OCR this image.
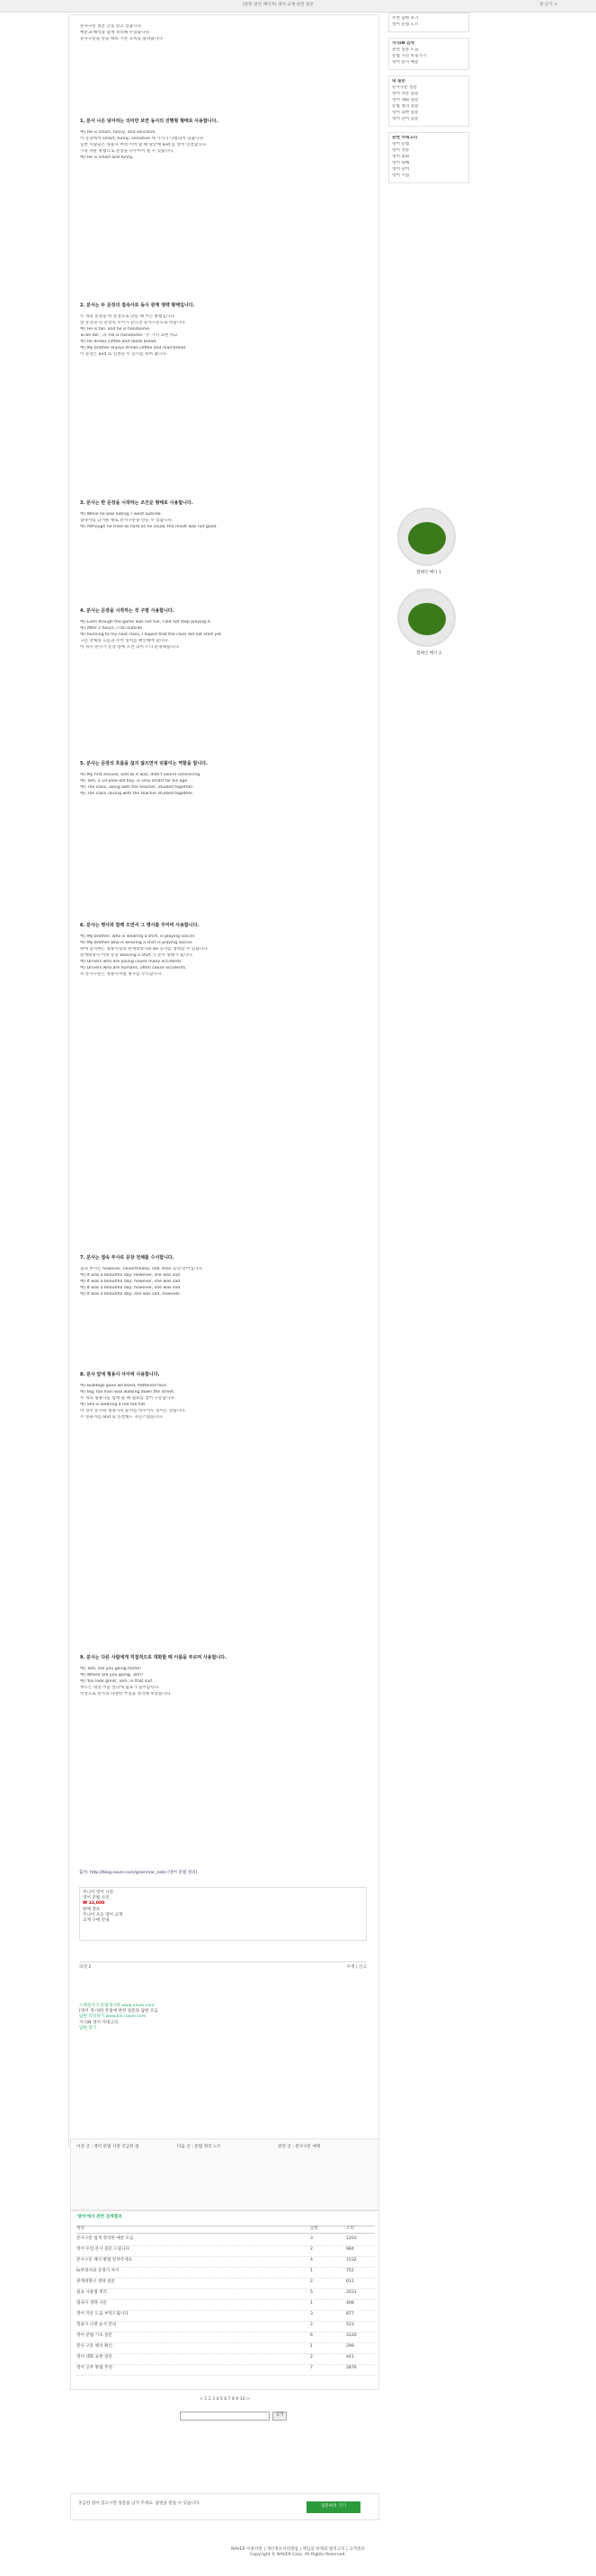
(앞쪽 잘린 페이지) 영어 교재 관련 질문	창 닫기 ×
분사구문 질문 글을 읽고 있습니다.
예문과 해석을 함께 정리해 두었습니다.
분사구문을 만들 때의 기본 규칙을 살펴봅니다.
1. 분사 나온 덩어리는 의미만 보면 동사의 진행형 형태로 사용합니다.
예) He is smart, funny, and sensitive.
이 문장에서 smart, funny, sensitive 세 가지가 나열되어 있습니다.
일반 사람들은 형용사 여럿 이어 쓸 때 말끝에 and 를 넣어 연결합니다.
가장 쉬운 방법으로 문장을 나누어서 볼 수 있습니다.
예) He is smart and funny.
2. 분사는 두 문장의 접속사로 동사 관계 생략 형태입니다.
두 개의 문장을 한 문장으로 만들 때 쓰는 방법입니다.
앞 문장과 뒤 문장의 주어가 같으면 분사구문으로 바꿉니다.
예) He is tall, and he is handsome.
To be tall , 과 'He is handsome.' 두 가지 표현 비교
예) He drinks coffee and reads bread.
예) My brother enjoys drinks coffee and read bread.
이 문장은 and 로 연결된 두 동사를 보여 줍니다.
3. 분사는 한 문장을 시작하는 조건문 형태로 사용합니다.
예) While he was eating, I went outside.
접속사를 남겨둔 채로 분사구문을 만들 수 있습니다.
예) Although he tried as hard as he could, the result was not good.
4. 분사는 문장을 시작하는 것 구별 사용합니다.
예) Even though the game was not fun, I did not stop playing it.
예) After 2 hours, I ran outside.
예) Running to my next class, I hoped that the class did not start yet.
구문 전체의 흐름과 주어 일치를 확인해야 합니다.
이 경우 분사가 문장 앞에 오면 의미가 더 분명해집니다.
5. 분사는 문장의 흐름을 끊지 않으면서 덧붙이는 역할을 합니다.
예) My first excuse, odd as it was, didn't sound convincing.
예) Tom, a 10-year-old boy, is very smart for his age.
예) The class, along with the teacher, studied together.
예) The class raising with the teacher studied together.
6. 분사는 명사와 함께 오면서 그 명사를 꾸미며 사용합니다.
예) My brother, who is wearing a shirt, is playing soccer.
예) My brother who is wearing a shirt is playing soccer.
위에 일치하는 형용사절의 관계대명사와 be 동사를 생략할 수 있습니다.
관계대명사 이하 문장 wearing a shirt 가 분사 형태가 됩니다.
예) Drivers who are young cause many accidents.
예) Drivers who are humans, often cause accidents.
즉 분사구문은 형용사처럼 명사를 수식합니다.
7. 분사는 접속 부사로 문장 전체를 수식합니다.
접속 부사는 however, nevertheless, still, then 등의 단어입니다.
예) It was a beautiful day. However, she was sad.
예) It was a beautiful day; however, she was sad.
예) It was a beautiful day, however, she was sad.
예) It was a beautiful day; she was sad, however.
8. 분사 앞에 형용사 사이에 사용합니다.
예) Bulldogs gave wrinkled, flattened face.
예) Big, tall man was walking down the street.
두 개의 형용사를 함께 쓸 때 쉼표를 넣어 구분합니다.
예) She is wearing a red tall hat.
이 경우 분사와 형용사의 순서를 바꾸어도 의미는 같습니다.
두 형용사를 and 로 연결해도 자연스럽습니다.
9. 분사는 다른 사람에게 직접적으로 대화할 때 이름을 부르며 사용합니다.
예) Tom, are you going home?
예) Where are you going, Tom?
예) You look great, Tom, in that suit.
부르는 대상 이름 앞뒤에 쉼표가 들어갑니다.
이상으로 분사의 다양한 쓰임을 정리해 보았습니다.
출처: http://blog.naver.com/grammar_note (영어 문법 정리)
주니어 영어 사전
영어 문법 사전
₩ 12,000
판매 정보
주니어 초등 영어 교재
교재 구매 안내
의견 2	수정 | 신고
스페셜지식 문법게시판 www.naver.com
[영어 게시판] 문법에 관한 질문과 답변 모음
답변 작성하기 www.kin.naver.com
지식iN 영어 카테고리
답변 달기
이전 글 : 영어 문법 사전 궁금한 점	다음 글 : 문법 정리 노트	관련 글 : 분사구문 예제
'영어'에서 관련 검색결과
제목	답변	조회
분사구문 쉽게 정리한 예문 모음	3	1203
영어 수업 분사 질문 드립니다	2	984
분사구문 해석 방법 알려주세요	4	1532
to부정사와 동명사 차이	1	752
관계대명사 생략 질문	2	611
쉼표 사용법 정리	5	2031
접속사 생략 구문	1	408
영어 작문 도움 부탁드립니다	3	877
형용사 나열 순서 문의	2	523
영어 문법 기초 질문	6	3120
분사 구문 해석 확인	1	299
영어 대화 표현 질문	2	441
영어 공부 방법 추천	7	2876
< 1 2 3 4 5 6 7 8 9 10 >
검색
궁금한 점이 있으시면 질문을 남겨 주세요. 답변을 받을 수 있습니다.
질문하러 가기
NAVER 이용약관 | 개인정보처리방침 | 책임의 한계와 법적고지 | 고객센터
Copyright © NAVER Corp. All Rights Reserved.
추천 답변 보기
영어 문법 노트
지식iN 검색
관련 질문 모음
문법 사전 바로가기
영어 분사 예문
내 질문
분사구문 질문
영어 작문 질문
영어 대화 질문
문법 정리 질문
영어 표현 질문
영어 단어 질문
관련 카테고리
영어 문법
영어 작문
영어 회화
영어 독해
영어 단어
영어 시험
캠페인 배너 1
캠페인 배너 2
